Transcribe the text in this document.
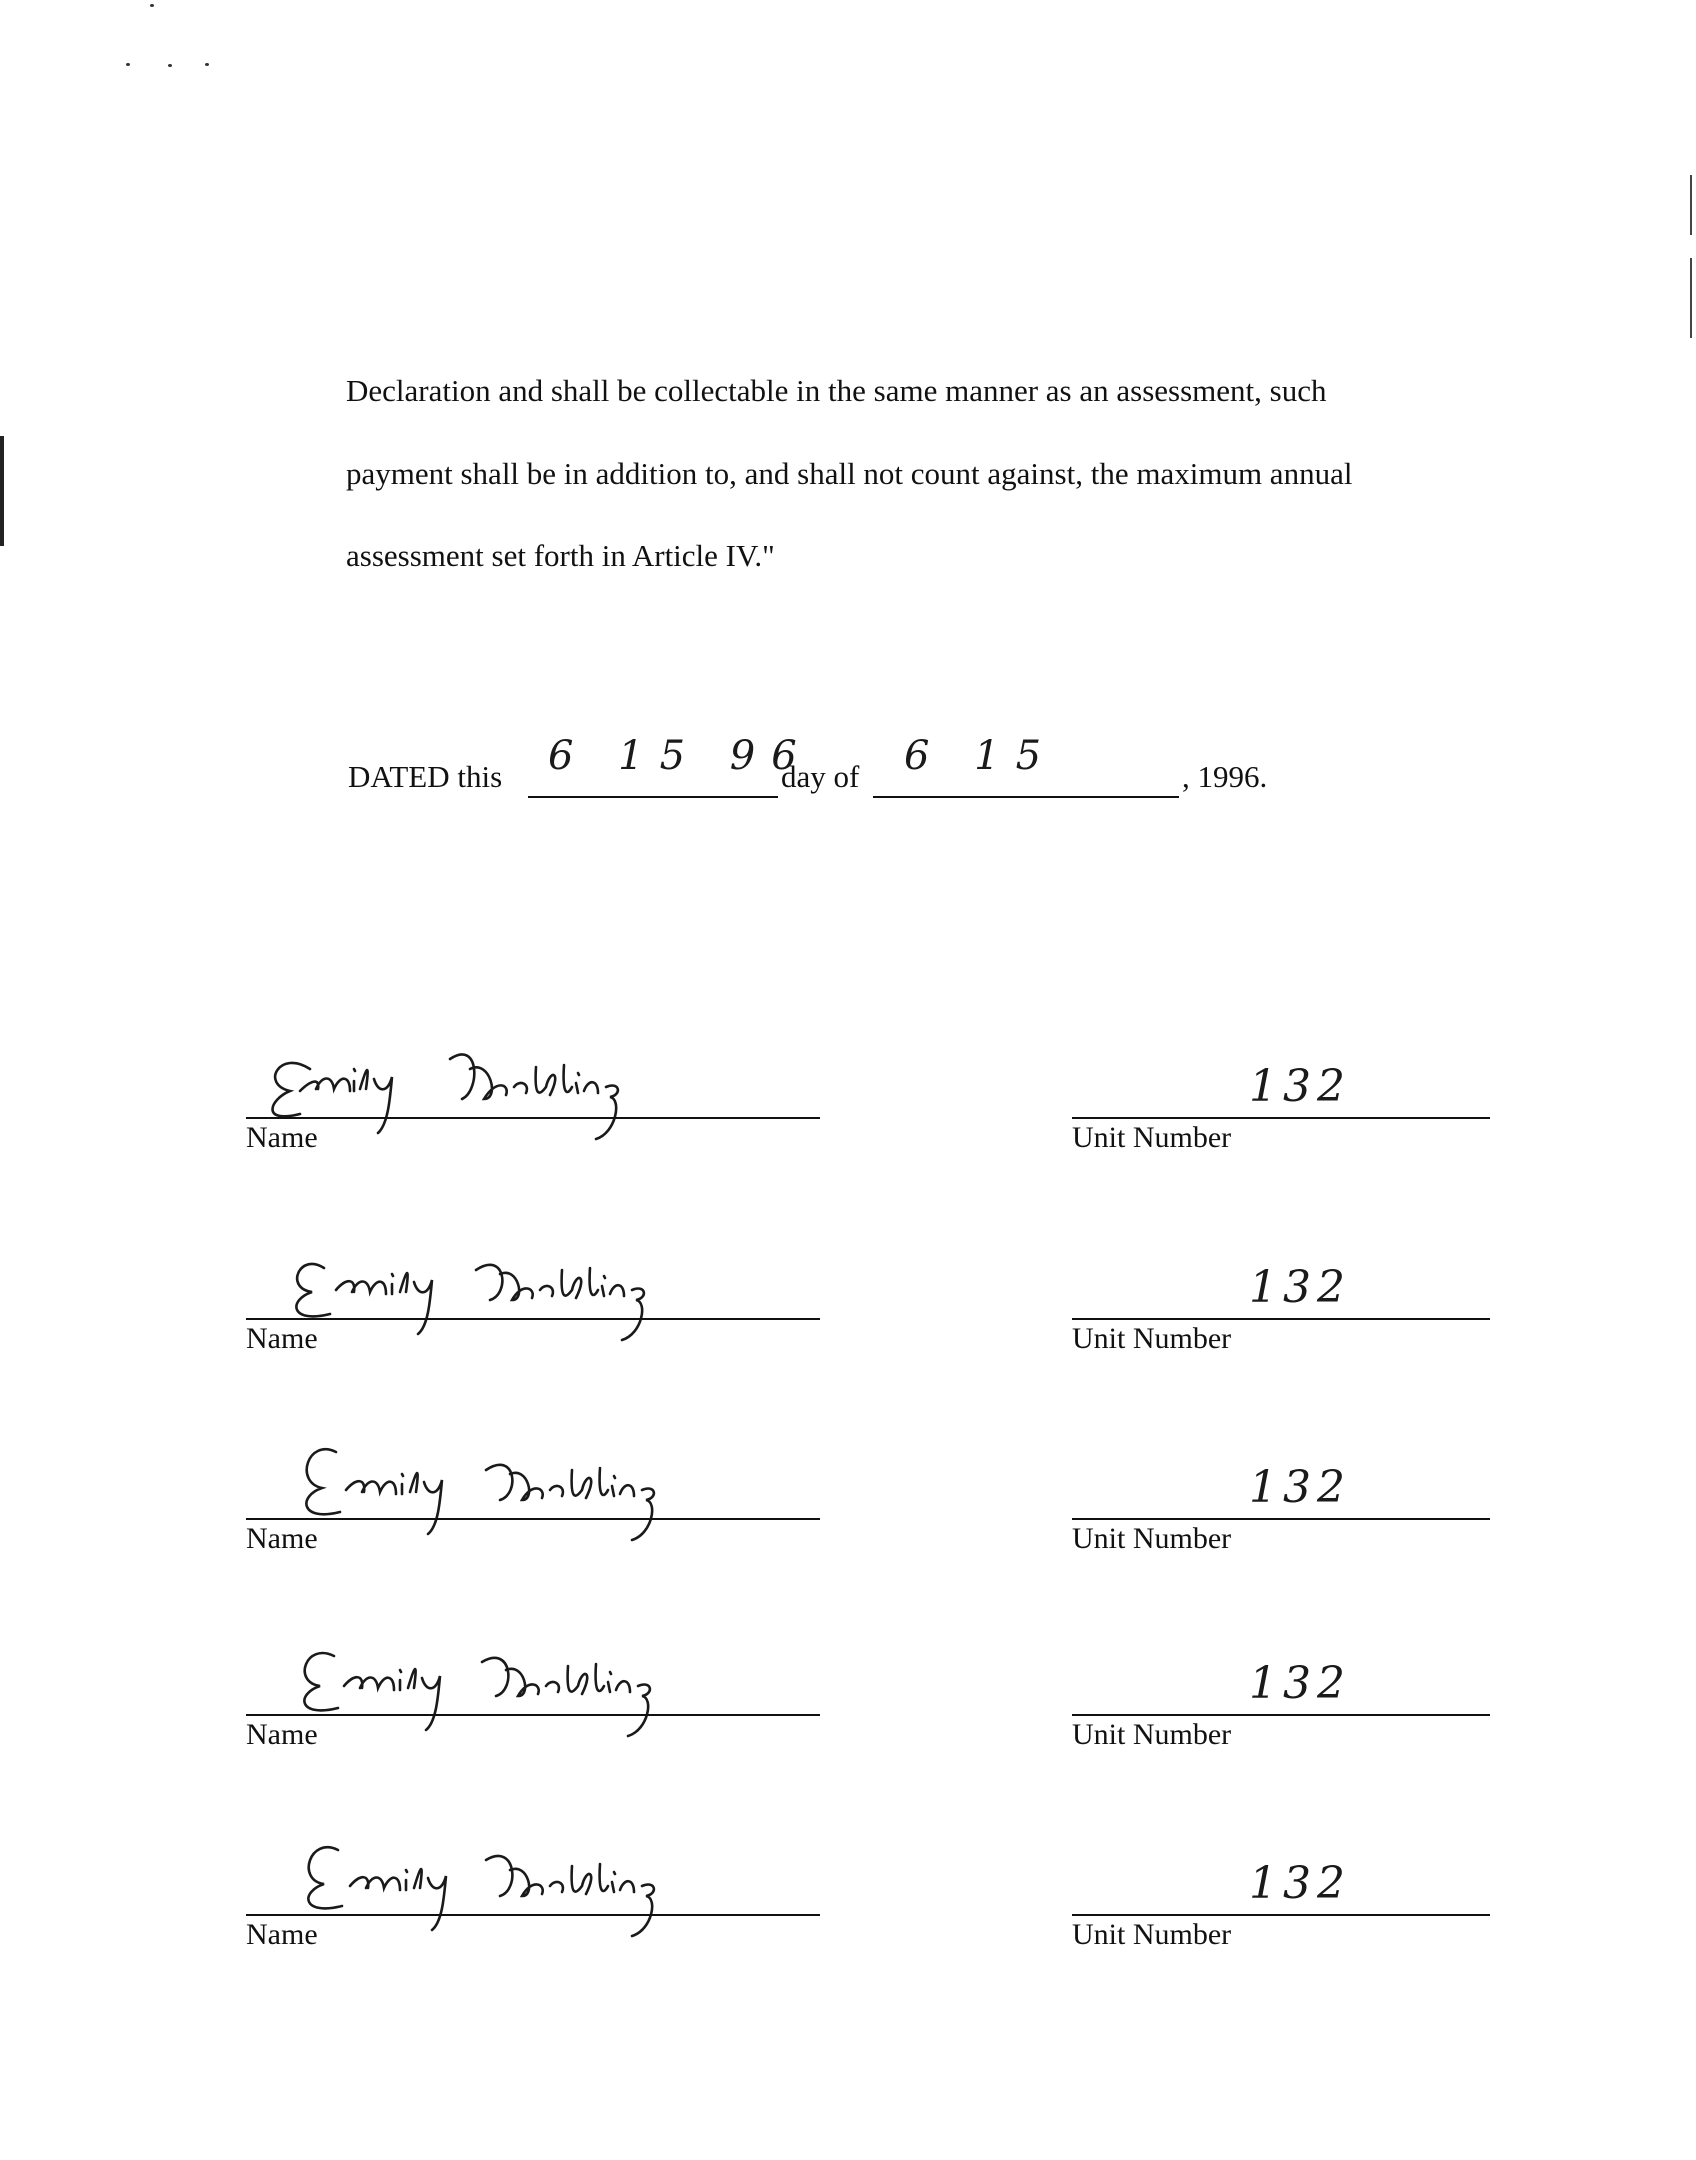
Declaration and shall be collectable in the same manner as an assessment, such

payment shall be in addition to, and shall not count against, the maximum annual

assessment set forth in Article IV."

DATED this 6 15 96
day of 6 15	, 1996.
Name
132
Unit Number
Name
132
Unit Number
Name
132
Unit Number
Name
132
Unit Number
Name
132
Unit Number
